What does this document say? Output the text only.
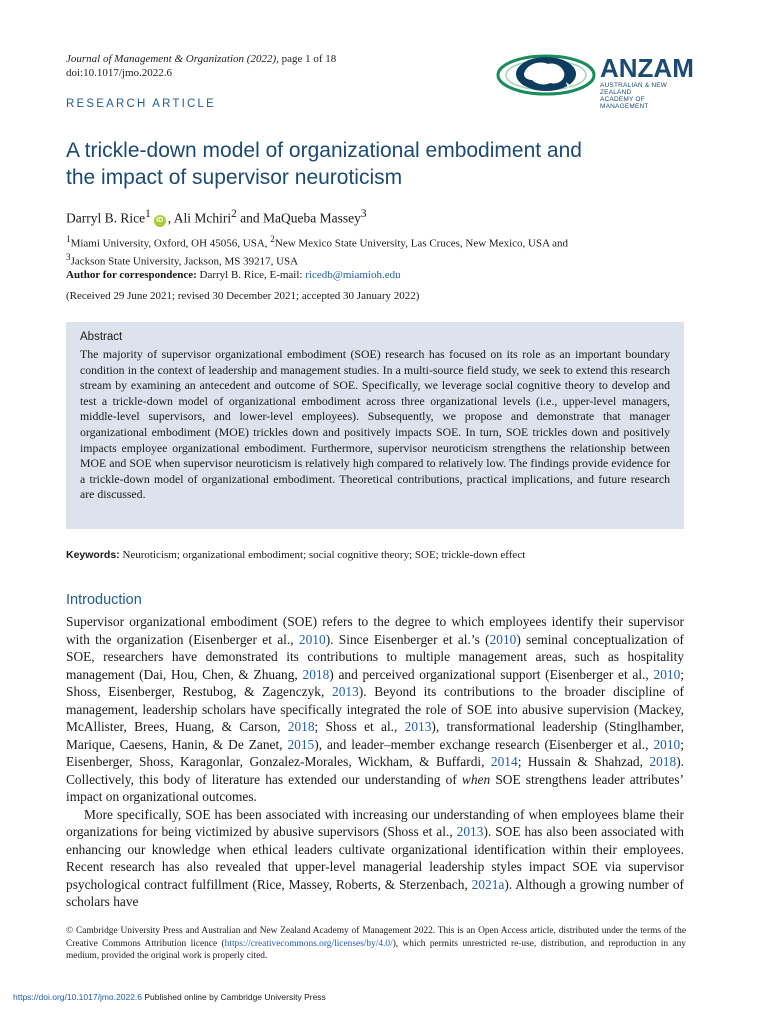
Journal of Management & Organization (2022), page 1 of 18
doi:10.1017/jmo.2022.6	ANZAM
AUSTRALIAN & NEW ZEALAND
ACADEMY OF MANAGEMENT
RESEARCH ARTICLE
A trickle-down model of organizational embodiment and
the impact of supervisor neuroticism
Darryl B. Rice$^1$ iD , Ali Mchiri$^2$ and MaQueba Massey$^3$
$^1$Miami University, Oxford, OH 45056, USA, $^2$New Mexico State University, Las Cruces, New Mexico, USA and
$^3$Jackson State University, Jackson, MS 39217, USA
Author for correspondence: Darryl B. Rice, E-mail: ricedb@miamioh.edu
(Received 29 June 2021; revised 30 December 2021; accepted 30 January 2022)
Abstract
The majority of supervisor organizational embodiment (SOE) research has focused on its role as an important boundary condition in the context of leadership and management studies. In a multi-source field study, we seek to extend this research stream by examining an antecedent and outcome of SOE. Specifically, we leverage social cognitive theory to develop and test a trickle-down model of organizational embodiment across three organizational levels (i.e., upper-level managers, middle-level supervisors, and lower-level employees). Subsequently, we propose and demonstrate that manager organizational embodiment (MOE) trickles down and positively impacts SOE. In turn, SOE trickles down and positively impacts employee organizational embodiment. Furthermore, supervisor neuroticism strengthens the relationship between MOE and SOE when supervisor neuroticism is relatively high compared to relatively low. The findings provide evidence for a trickle-down model of organizational embodiment. Theoretical contributions, practical implications, and future research are discussed.
Keywords: Neuroticism; organizational embodiment; social cognitive theory; SOE; trickle-down effect
Introduction

Supervisor organizational embodiment (SOE) refers to the degree to which employees identify their supervisor with the organization (Eisenberger et al., 2010). Since Eisenberger et al.’s (2010) seminal conceptualization of SOE, researchers have demonstrated its contributions to multiple management areas, such as hospitality management (Dai, Hou, Chen, & Zhuang, 2018) and perceived organizational support (Eisenberger et al., 2010; Shoss, Eisenberger, Restubog, & Zagenczyk, 2013). Beyond its contributions to the broader discipline of management, leadership scholars have specifically integrated the role of SOE into abusive supervision (Mackey, McAllister, Brees, Huang, & Carson, 2018; Shoss et al., 2013), transformational leadership (Stinglhamber, Marique, Caesens, Hanin, & De Zanet, 2015), and leader–member exchange research (Eisenberger et al., 2010; Eisenberger, Shoss, Karagonlar, Gonzalez-Morales, Wickham, & Buffardi, 2014; Hussain & Shahzad, 2018). Collectively, this body of literature has extended our understanding of when SOE strengthens leader attributes’ impact on organizational outcomes.

More specifically, SOE has been associated with increasing our understanding of when employees blame their organizations for being victimized by abusive supervisors (Shoss et al., 2013). SOE has also been associated with enhancing our knowledge when ethical leaders cultivate organizational identification within their employees. Recent research has also revealed that upper-level managerial leadership styles impact SOE via supervisor psychological contract fulfillment (Rice, Massey, Roberts, & Sterzenbach, 2021a). Although a growing number of scholars have

© Cambridge University Press and Australian and New Zealand Academy of Management 2022. This is an Open Access article, distributed under the terms of the Creative Commons Attribution licence (https://creativecommons.org/licenses/by/4.0/), which permits unrestricted re-use, distribution, and reproduction in any medium, provided the original work is properly cited.
https://doi.org/10.1017/jmo.2022.6 Published online by Cambridge University Press
